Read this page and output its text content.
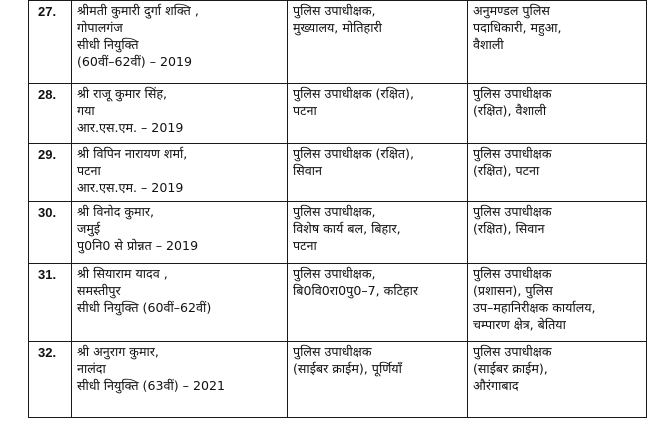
27.	श्रीमती कुमारी दुर्गा शक्ति ,
गोपालगंज
सीधी नियुक्ति
(60वीं–62वीं) – 2019	पुलिस उपाधीक्षक,
मुख्यालय, मोतिहारी	अनुमण्डल पुलिस
पदाधिकारी, महुआ,
वैशाली

28.	श्री राजू कुमार सिंह,
गया
आर.एस.एम. – 2019	पुलिस उपाधीक्षक (रक्षित),
पटना	पुलिस उपाधीक्षक
(रक्षित), वैशाली

29.	श्री विपिन नारायण शर्मा,
पटना
आर.एस.एम. – 2019	पुलिस उपाधीक्षक (रक्षित),
सिवान	पुलिस उपाधीक्षक
(रक्षित), पटना

30.	श्री विनोद कुमार,
जमुई
पु0नि0 से प्रोन्नत – 2019	पुलिस उपाधीक्षक,
विशेष कार्य बल, बिहार,
पटना	पुलिस उपाधीक्षक
(रक्षित), सिवान

31.	श्री सियाराम यादव ,
समस्तीपुर
सीधी नियुक्ति (60वीं–62वीं)	पुलिस उपाधीक्षक,
बि0वि0रा0पु0–7, कटिहार	पुलिस उपाधीक्षक
(प्रशासन), पुलिस
उप–महानिरीक्षक कार्यालय,
चम्पारण क्षेत्र, बेतिया

32.	श्री अनुराग कुमार,
नालंदा
सीधी नियुक्ति (63वीं) – 2021	पुलिस उपाधीक्षक
(साईबर क्राईम), पूर्णियाँ	पुलिस उपाधीक्षक
(साईबर क्राईम),
औरंगाबाद
